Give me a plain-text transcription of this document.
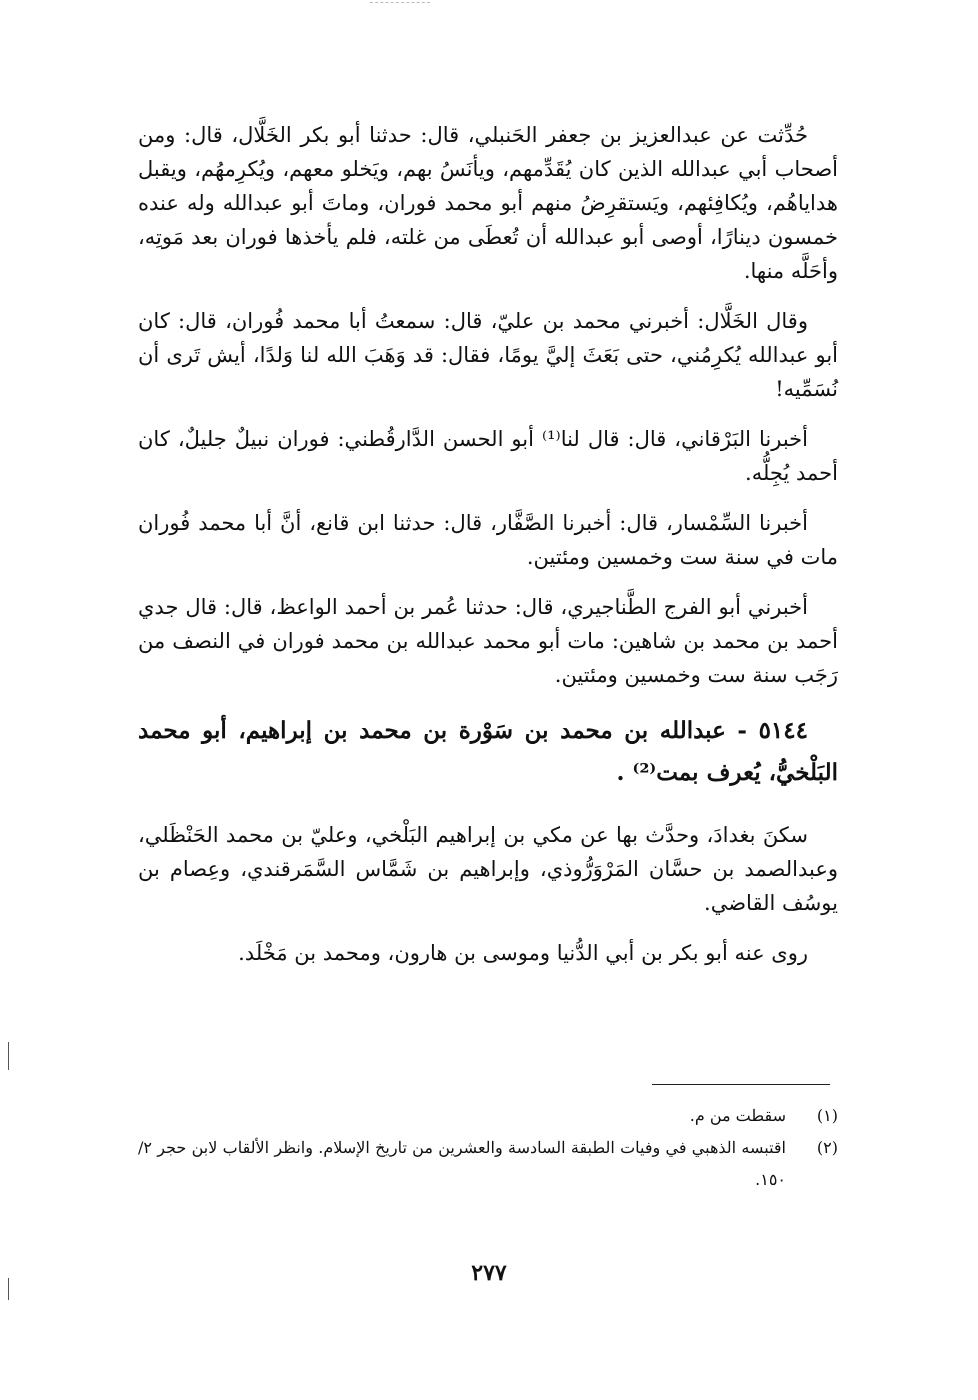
حُدِّثت عن عبدالعزيز بن جعفر الحَنبلي، قال: حدثنا أبو بكر الخَلَّال، قال: ومن أصحاب أبي عبدالله الذين كان يُقَدِّمهم، ويأنَسُ بهم، ويَخلو معهم، ويُكرِمهُم، ويقبل هداياهُم، ويُكافِئهم، ويَستقرِضُ منهم أبو محمد فوران، وماتَ أبو عبدالله وله عنده خمسون دينارًا، أوصى أبو عبدالله أن تُعطَى من غلته، فلم يأخذها فوران بعد مَوتِه، وأحَلَّه منها.

وقال الخَلَّال: أخبرني محمد بن عليّ، قال: سمعتُ أبا محمد فُوران، قال: كان أبو عبدالله يُكرِمُني، حتى بَعَثَ إليَّ يومًا، فقال: قد وَهَبَ الله لنا وَلدًا، أيش تَرى أن نُسَمِّيه!

أخبرنا البَرْقاني، قال: قال لنا⁽¹⁾ أبو الحسن الدَّارقُطني: فوران نبيلٌ جليلٌ، كان أحمد يُجِلُّه.

أخبرنا السِّمْسار، قال: أخبرنا الصَّفَّار، قال: حدثنا ابن قانع، أنَّ أبا محمد فُوران مات في سنة ست وخمسين ومئتين.

أخبرني أبو الفرج الطَّناجيري، قال: حدثنا عُمر بن أحمد الواعظ، قال: قال جدي أحمد بن محمد بن شاهين: مات أبو محمد عبدالله بن محمد فوران في النصف من رَجَب سنة ست وخمسين ومئتين.

٥١٤٤ - عبدالله بن محمد بن سَوْرة بن محمد بن إبراهيم، أبو محمد البَلْخيُّ، يُعرف بمت⁽²⁾ .

سكنَ بغدادَ، وحدَّث بها عن مكي بن إبراهيم البَلْخي، وعليّ بن محمد الحَنْظَلي، وعبدالصمد بن حسَّان المَرْوَرُّوذي، وإبراهيم بن شَمَّاس السَّمَرقندي، وعِصام بن يوسُف القاضي.

روى عنه أبو بكر بن أبي الدُّنيا وموسى بن هارون، ومحمد بن مَخْلَد.

(١)
سقطت من م.
(٢)
اقتبسه الذهبي في وفيات الطبقة السادسة والعشرين من تاريخ الإسلام. وانظر الألقاب لابن حجر ٢/ ١٥٠.
٢٧٧
